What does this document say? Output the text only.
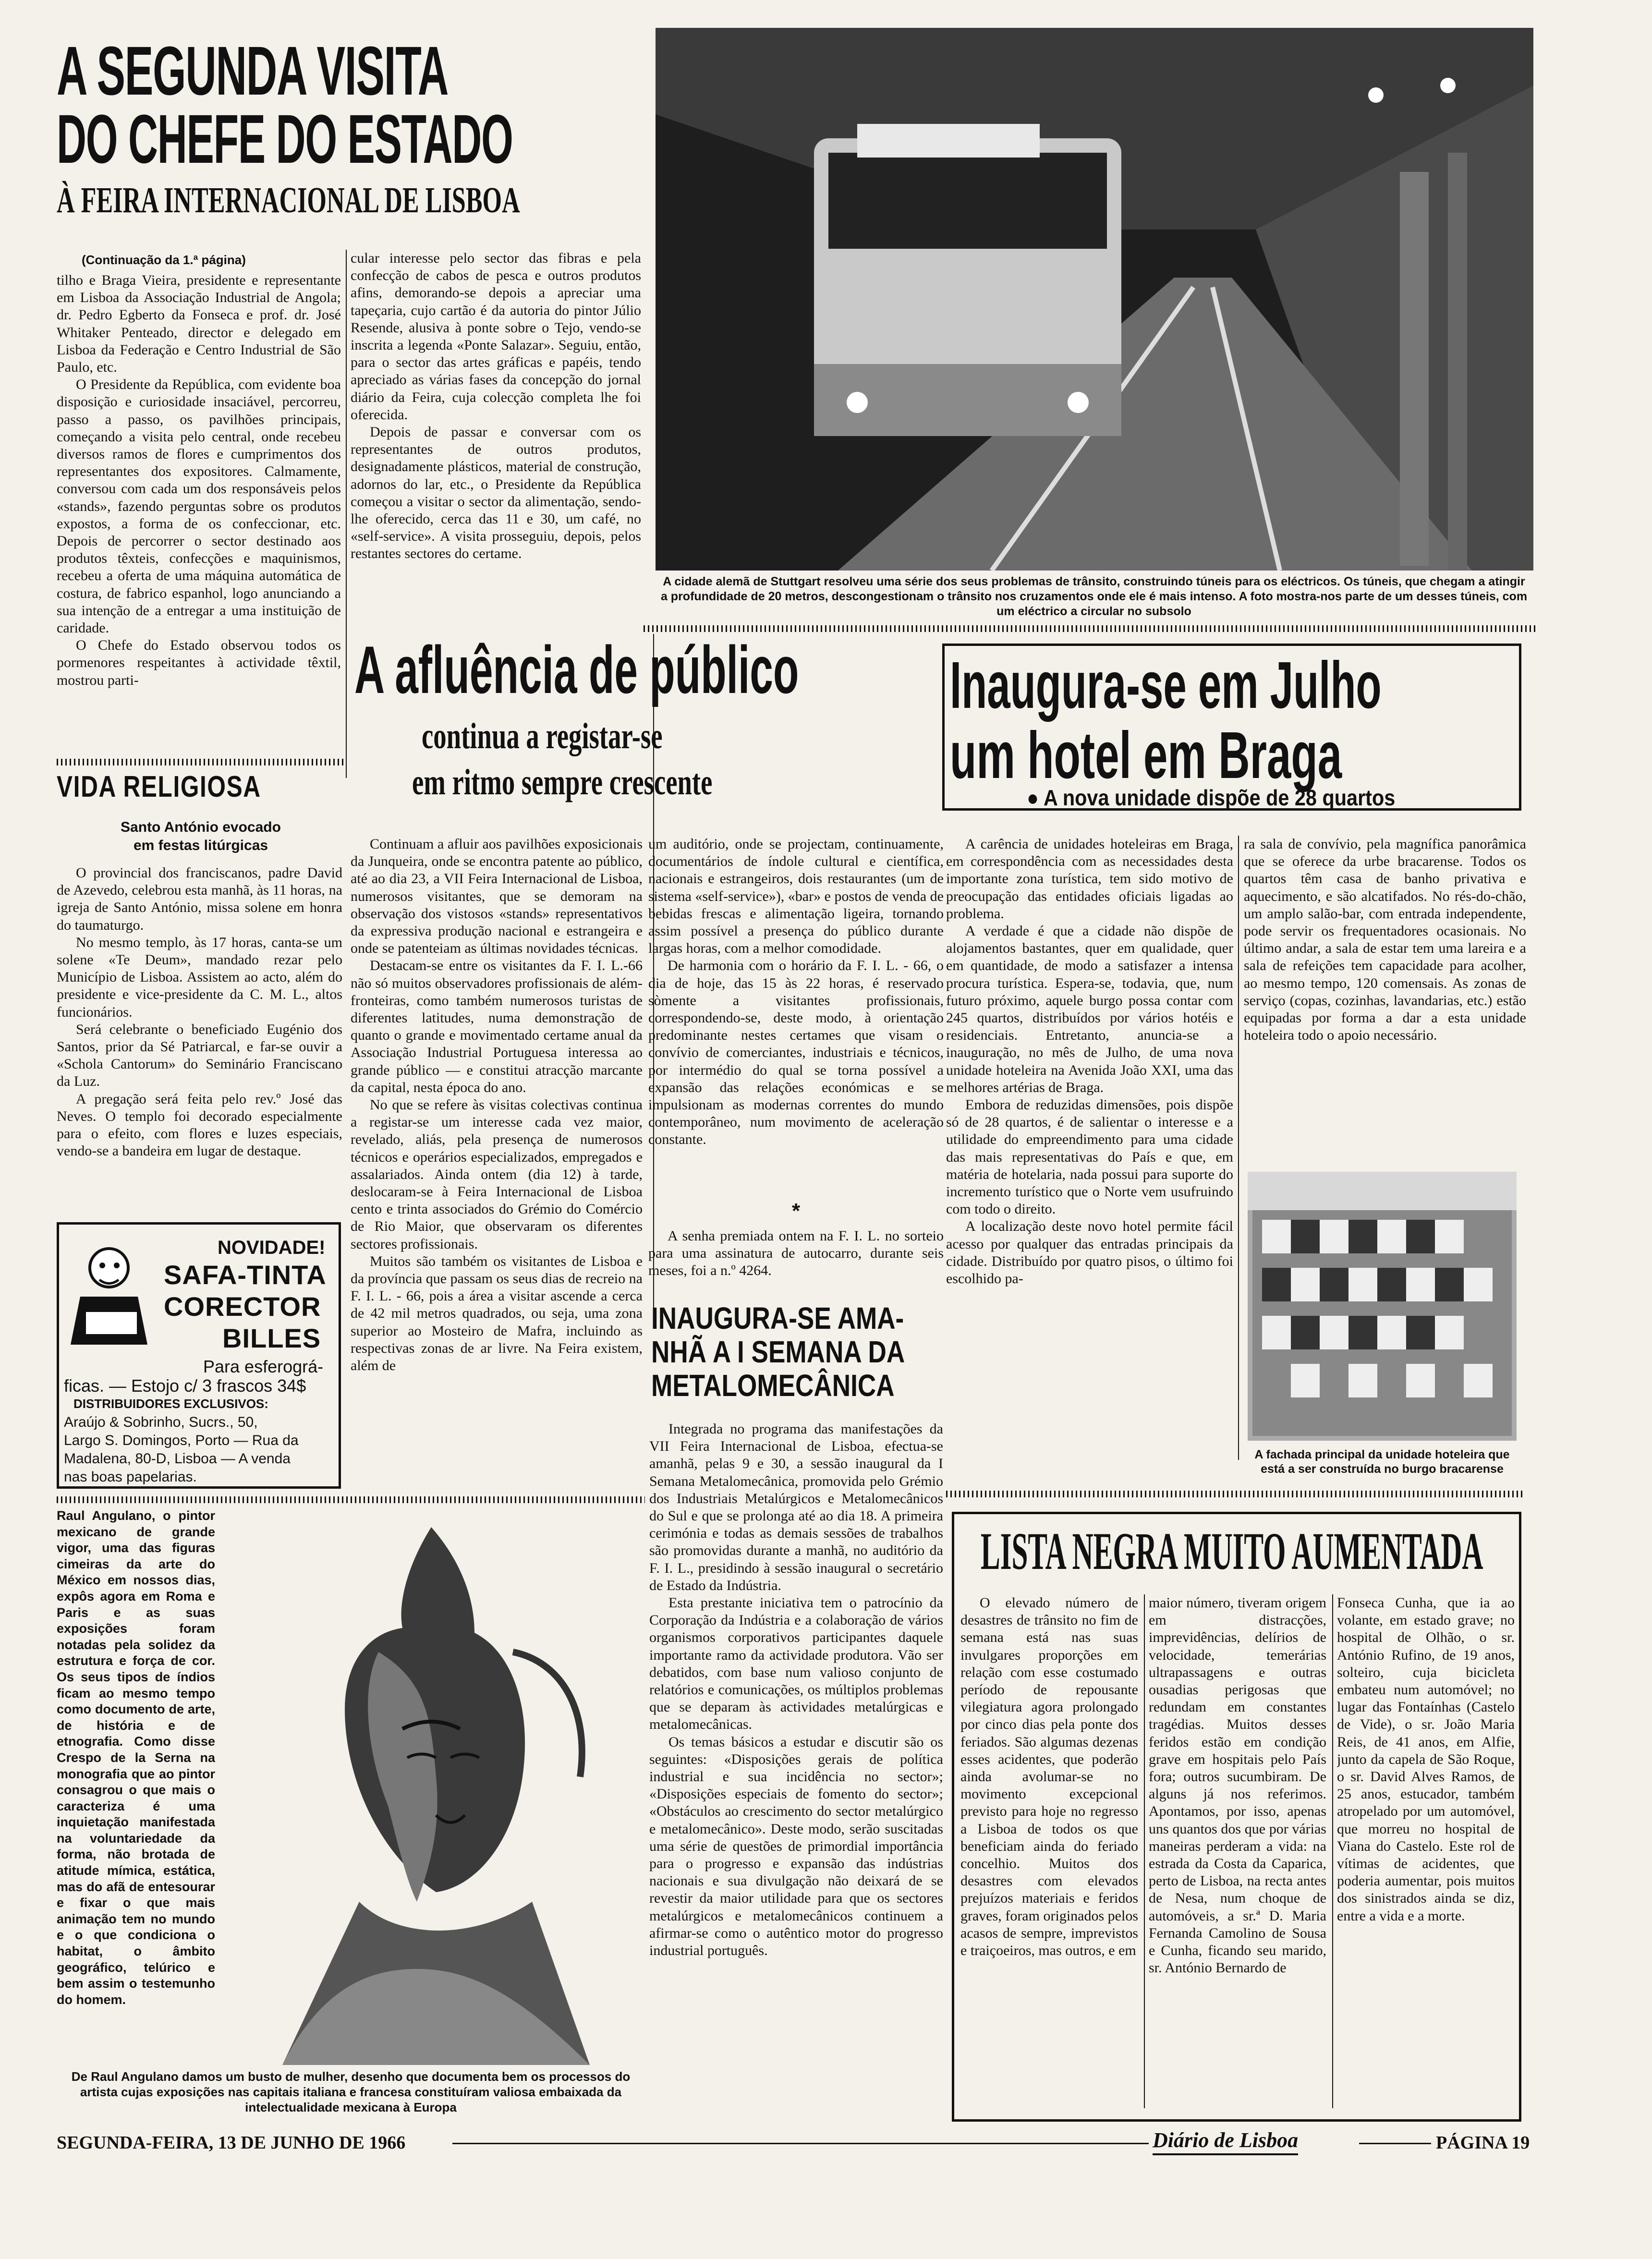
A SEGUNDA VISITA
DO CHEFE DO ESTADO
À FEIRA INTERNACIONAL DE LISBOA
(Continuação da 1.ª página)

tilho e Braga Vieira, presidente e representante em Lisboa da Associação Industrial de Angola; dr. Pedro Egberto da Fonseca e prof. dr. José Whitaker Penteado, director e delegado em Lisboa da Federação e Centro Industrial de São Paulo, etc.

O Presidente da República, com evidente boa disposição e curiosidade insaciável, percorreu, passo a passo, os pavilhões principais, começando a visita pelo central, onde recebeu diversos ramos de flores e cumprimentos dos representantes dos expositores. Calmamente, conversou com cada um dos responsáveis pelos «stands», fazendo perguntas sobre os produtos expostos, a forma de os confeccionar, etc. Depois de percorrer o sector destinado aos produtos têxteis, confecções e maquinismos, recebeu a oferta de uma máquina automática de costura, de fabrico espanhol, logo anunciando a sua intenção de a entregar a uma instituição de caridade.

O Chefe do Estado observou todos os pormenores respeitantes à actividade têxtil, mostrou parti-

cular interesse pelo sector das fibras e pela confecção de cabos de pesca e outros produtos afins, demorando-se depois a apreciar uma tapeçaria, cujo cartão é da autoria do pintor Júlio Resende, alusiva à ponte sobre o Tejo, vendo-se inscrita a legenda «Ponte Salazar». Seguiu, então, para o sector das artes gráficas e papéis, tendo apreciado as várias fases da concepção do jornal diário da Feira, cuja colecção completa lhe foi oferecida.

Depois de passar e conversar com os representantes de outros produtos, designadamente plásticos, material de construção, adornos do lar, etc., o Presidente da República começou a visitar o sector da alimentação, sendo-lhe oferecido, cerca das 11 e 30, um café, no «self-service». A visita prosseguiu, depois, pelos restantes sectores do certame.

A cidade alemã de Stuttgart resolveu uma série dos seus problemas de trânsito, construindo túneis para os eléctricos. Os túneis, que chegam a atingir a profundidade de 20 metros, descongestionam o trânsito nos cruzamentos onde ele é mais intenso. A foto mostra-nos parte de um desses túneis, com um eléctrico a circular no subsolo
VIDA RELIGIOSA
Santo António evocado
em festas litúrgicas

O provincial dos franciscanos, padre David de Azevedo, celebrou esta manhã, às 11 horas, na igreja de Santo António, missa solene em honra do taumaturgo.

No mesmo templo, às 17 horas, canta-se um solene «Te Deum», mandado rezar pelo Município de Lisboa. Assistem ao acto, além do presidente e vice-presidente da C. M. L., altos funcionários.

Será celebrante o beneficiado Eugénio dos Santos, prior da Sé Patriarcal, e far-se ouvir a «Schola Cantorum» do Seminário Franciscano da Luz.

A pregação será feita pelo rev.º José das Neves. O templo foi decorado especialmente para o efeito, com flores e luzes especiais, vendo-se a bandeira em lugar de destaque.

NOVIDADE!
SAFA-TINTA
CORECTOR
BILLES
Para esferográ-
ficas. — Estojo c/ 3 frascos 34$
DISTRIBUIDORES EXCLUSIVOS:
Araújo & Sobrinho, Sucrs., 50,
Largo S. Domingos, Porto — Rua da
Madalena, 80-D, Lisboa — A venda
nas boas papelarias.
A afluência de público
continua a registar-se
em ritmo sempre crescente

Continuam a afluir aos pavilhões exposicionais da Junqueira, onde se encontra patente ao público, até ao dia 23, a VII Feira Internacional de Lisboa, numerosos visitantes, que se demoram na observação dos vistosos «stands» representativos da expressiva produção nacional e estrangeira e onde se patenteiam as últimas novidades técnicas.

Destacam-se entre os visitantes da F. I. L.-66 não só muitos observadores profissionais de além-fronteiras, como também numerosos turistas de diferentes latitudes, numa demonstração de quanto o grande e movimentado certame anual da Associação Industrial Portuguesa interessa ao grande público — e constitui atracção marcante da capital, nesta época do ano.

No que se refere às visitas colectivas continua a registar-se um interesse cada vez maior, revelado, aliás, pela presença de numerosos técnicos e operários especializados, empregados e assalariados. Ainda ontem (dia 12) à tarde, deslocaram-se à Feira Internacional de Lisboa cento e trinta associados do Grémio do Comércio de Rio Maior, que observaram os diferentes sectores profissionais.

Muitos são também os visitantes de Lisboa e da província que passam os seus dias de recreio na F. I. L. - 66, pois a área a visitar ascende a cerca de 42 mil metros quadrados, ou seja, uma zona superior ao Mosteiro de Mafra, incluindo as respectivas zonas de ar livre. Na Feira existem, além de

um auditório, onde se projectam, continuamente, documentários de índole cultural e científica, nacionais e estrangeiros, dois restaurantes (um de sistema «self-service»), «bar» e postos de venda de bebidas frescas e alimentação ligeira, tornando assim possível a presença do público durante largas horas, com a melhor comodidade.

De harmonia com o horário da F. I. L. - 66, o dia de hoje, das 15 às 22 horas, é reservado sòmente a visitantes profissionais, correspondendo-se, deste modo, à orientação predominante nestes certames que visam o convívio de comerciantes, industriais e técnicos, por intermédio do qual se torna possível a expansão das relações económicas e se impulsionam as modernas correntes do mundo contemporâneo, num movimento de aceleração constante.

*

A senha premiada ontem na F. I. L. no sorteio para uma assinatura de autocarro, durante seis meses, foi a n.º 4264.

INAUGURA-SE AMA-
NHÃ A I SEMANA DA
METALOMECÂNICA

Integrada no programa das manifestações da VII Feira Internacional de Lisboa, efectua-se amanhã, pelas 9 e 30, a sessão inaugural da I Semana Metalomecânica, promovida pelo Grémio dos Industriais Metalúrgicos e Metalomecânicos do Sul e que se prolonga até ao dia 18. A primeira cerimónia e todas as demais sessões de trabalhos são promovidas durante a manhã, no auditório da F. I. L., presidindo à sessão inaugural o secretário de Estado da Indústria.

Esta prestante iniciativa tem o patrocínio da Corporação da Indústria e a colaboração de vários organismos corporativos participantes daquele importante ramo da actividade produtora. Vão ser debatidos, com base num valioso conjunto de relatórios e comunicações, os múltiplos problemas que se deparam às actividades metalúrgicas e metalomecânicas.

Os temas básicos a estudar e discutir são os seguintes: «Disposições gerais de política industrial e sua incidência no sector»; «Disposições especiais de fomento do sector»; «Obstáculos ao crescimento do sector metalúrgico e metalomecânico». Deste modo, serão suscitadas uma série de questões de primordial importância para o progresso e expansão das indústrias nacionais e sua divulgação não deixará de se revestir da maior utilidade para que os sectores metalúrgicos e metalomecânicos continuem a afirmar-se como o autêntico motor do progresso industrial português.

Inaugura-se em Julho
um hotel em Braga
● A nova unidade dispõe de 28 quartos

A carência de unidades hoteleiras em Braga, em correspondência com as necessidades desta importante zona turística, tem sido motivo de preocupação das entidades oficiais ligadas ao problema.

A verdade é que a cidade não dispõe de alojamentos bastantes, quer em qualidade, quer em quantidade, de modo a satisfazer a intensa procura turística. Espera-se, todavia, que, num futuro próximo, aquele burgo possa contar com 245 quartos, distribuídos por vários hotéis e residenciais. Entretanto, anuncia-se a inauguração, no mês de Julho, de uma nova unidade hoteleira na Avenida João XXI, uma das melhores artérias de Braga.

Embora de reduzidas dimensões, pois dispõe só de 28 quartos, é de salientar o interesse e a utilidade do empreendimento para uma cidade das mais representativas do País e que, em matéria de hotelaria, nada possui para suporte do incremento turístico que o Norte vem usufruindo com todo o direito.

A localização deste novo hotel permite fácil acesso por qualquer das entradas principais da cidade. Distribuído por quatro pisos, o último foi escolhido pa-

ra sala de convívio, pela magnífica panorâmica que se oferece da urbe bracarense. Todos os quartos têm casa de banho privativa e aquecimento, e são alcatifados. No rés-do-chão, um amplo salão-bar, com entrada independente, pode servir os frequentadores ocasionais. No último andar, a sala de estar tem uma lareira e a sala de refeições tem capacidade para acolher, ao mesmo tempo, 120 comensais. As zonas de serviço (copas, cozinhas, lavandarias, etc.) estão equipadas por forma a dar a esta unidade hoteleira todo o apoio necessário.

A fachada principal da unidade hoteleira que está a ser construída no burgo bracarense
Raul Angulano, o pintor mexicano de grande vigor, uma das figuras cimeiras da arte do México em nossos dias, expôs agora em Roma e Paris e as suas exposições foram notadas pela solidez da estrutura e força de cor. Os seus tipos de índios ficam ao mesmo tempo como documento de arte, de história e de etnografia. Como disse Crespo de la Serna na monografia que ao pintor consagrou o que mais o caracteriza é uma inquietação manifestada na voluntariedade da forma, não brotada de atitude mímica, estática, mas do afã de entesourar e fixar o que mais animação tem no mundo e o que condiciona o habitat, o âmbito geográfico, telúrico e bem assim o testemunho do homem.
De Raul Angulano damos um busto de mulher, desenho que documenta bem os processos do artista cujas exposições nas capitais italiana e francesa constituíram valiosa embaixada da intelectualidade mexicana à Europa
LISTA NEGRA MUITO AUMENTADA

O elevado número de desastres de trânsito no fim de semana está nas suas invulgares proporções em relação com esse costumado período de repousante vilegiatura agora prolongado por cinco dias pela ponte dos feriados. São algumas dezenas esses acidentes, que poderão ainda avolumar-se no movimento excepcional previsto para hoje no regresso a Lisboa de todos os que beneficiam ainda do feriado concelhio. Muitos dos desastres com elevados prejuízos materiais e feridos graves, foram originados pelos acasos de sempre, imprevistos e traiçoeiros, mas outros, e em

maior número, tiveram origem em distracções, imprevidências, delírios de velocidade, temerárias ultrapassagens e outras ousadias perigosas que redundam em constantes tragédias. Muitos desses feridos estão em condição grave em hospitais pelo País fora; outros sucumbiram. De alguns já nos referimos. Apontamos, por isso, apenas uns quantos dos que por várias maneiras perderam a vida: na estrada da Costa da Caparica, perto de Lisboa, na recta antes de Nesa, num choque de automóveis, a sr.ª D. Maria Fernanda Camolino de Sousa e Cunha, ficando seu marido, sr. António Bernardo de

Fonseca Cunha, que ia ao volante, em estado grave; no hospital de Olhão, o sr. António Rufino, de 19 anos, solteiro, cuja bicicleta embateu num automóvel; no lugar das Fontaínhas (Castelo de Vide), o sr. João Maria Reis, de 41 anos, em Alfie, junto da capela de São Roque, o sr. David Alves Ramos, de 25 anos, estucador, também atropelado por um automóvel, que morreu no hospital de Viana do Castelo. Este rol de vítimas de acidentes, que poderia aumentar, pois muitos dos sinistrados ainda se diz, entre a vida e a morte.

SEGUNDA-FEIRA, 13 DE JUNHO DE 1966	Diário de Lisboa	PÁGINA 19
